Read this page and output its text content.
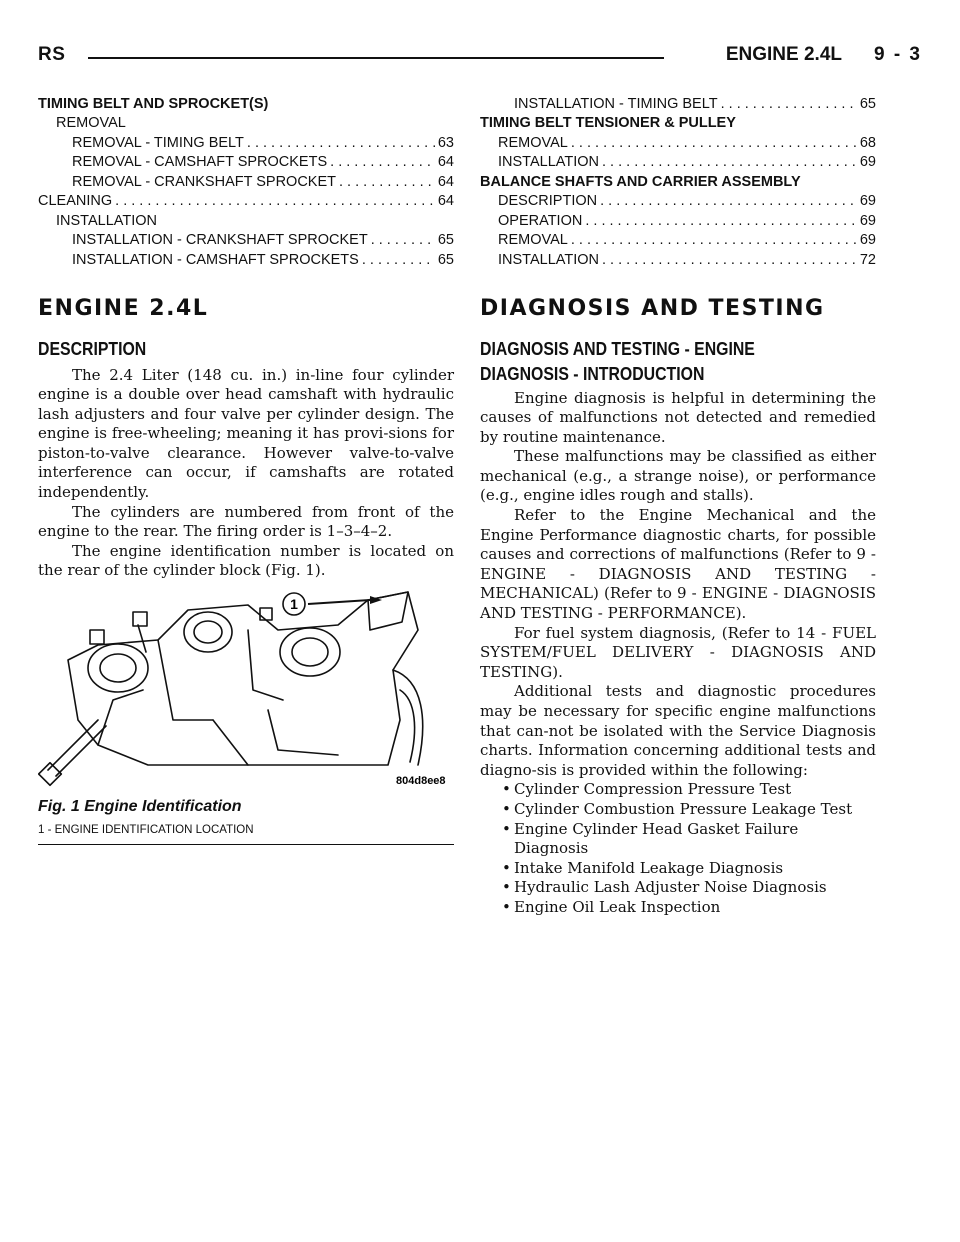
RS	ENGINE 2.4L 9 - 3
TIMING BELT AND SPROCKET(S)
REMOVAL
REMOVAL - TIMING BELT . . .	63
REMOVAL - CAMSHAFT SPROCKETS . . .	64
REMOVAL - CRANKSHAFT SPROCKET . . .	64
CLEANING . . .	64
INSTALLATION
INSTALLATION - CRANKSHAFT SPROCKET . . .	65
INSTALLATION - CAMSHAFT SPROCKETS . . .	65
ENGINE 2.4L
DESCRIPTION

The 2.4 Liter (148 cu. in.) in-line four cylinder engine is a double over head camshaft with hydraulic lash adjusters and four valve per cylinder design. The engine is free-wheeling; meaning it has provi-sions for piston-to-valve clearance. However valve-to-valve interference can occur, if camshafts are rotated independently.

The cylinders are numbered from front of the engine to the rear. The firing order is 1–3–4–2.

The engine identification number is located on the rear of the cylinder block (Fig. 1).

1
804d8ee8
Fig. 1 Engine Identification
1 - ENGINE IDENTIFICATION LOCATION
INSTALLATION - TIMING BELT . . .	65
TIMING BELT TENSIONER & PULLEY
REMOVAL . . .	68
INSTALLATION . . .	69
BALANCE SHAFTS AND CARRIER ASSEMBLY
DESCRIPTION . . .	69
OPERATION . . .	69
REMOVAL . . .	69
INSTALLATION . . .	72
DIAGNOSIS AND TESTING
DIAGNOSIS AND TESTING - ENGINE
DIAGNOSIS - INTRODUCTION

Engine diagnosis is helpful in determining the causes of malfunctions not detected and remedied by routine maintenance.

These malfunctions may be classified as either mechanical (e.g., a strange noise), or performance (e.g., engine idles rough and stalls).

Refer to the Engine Mechanical and the Engine Performance diagnostic charts, for possible causes and corrections of malfunctions (Refer to 9 - ENGINE - DIAGNOSIS AND TESTING - MECHANICAL) (Refer to 9 - ENGINE - DIAGNOSIS AND TESTING - PERFORMANCE).

For fuel system diagnosis, (Refer to 14 - FUEL SYSTEM/FUEL DELIVERY - DIAGNOSIS AND TESTING).

Additional tests and diagnostic procedures may be necessary for specific engine malfunctions that can-not be isolated with the Service Diagnosis charts. Information concerning additional tests and diagno-sis is provided within the following:

• Cylinder Compression Pressure Test
• Cylinder Combustion Pressure Leakage Test
• Engine Cylinder Head Gasket Failure Diagnosis
• Intake Manifold Leakage Diagnosis
• Hydraulic Lash Adjuster Noise Diagnosis
• Engine Oil Leak Inspection
